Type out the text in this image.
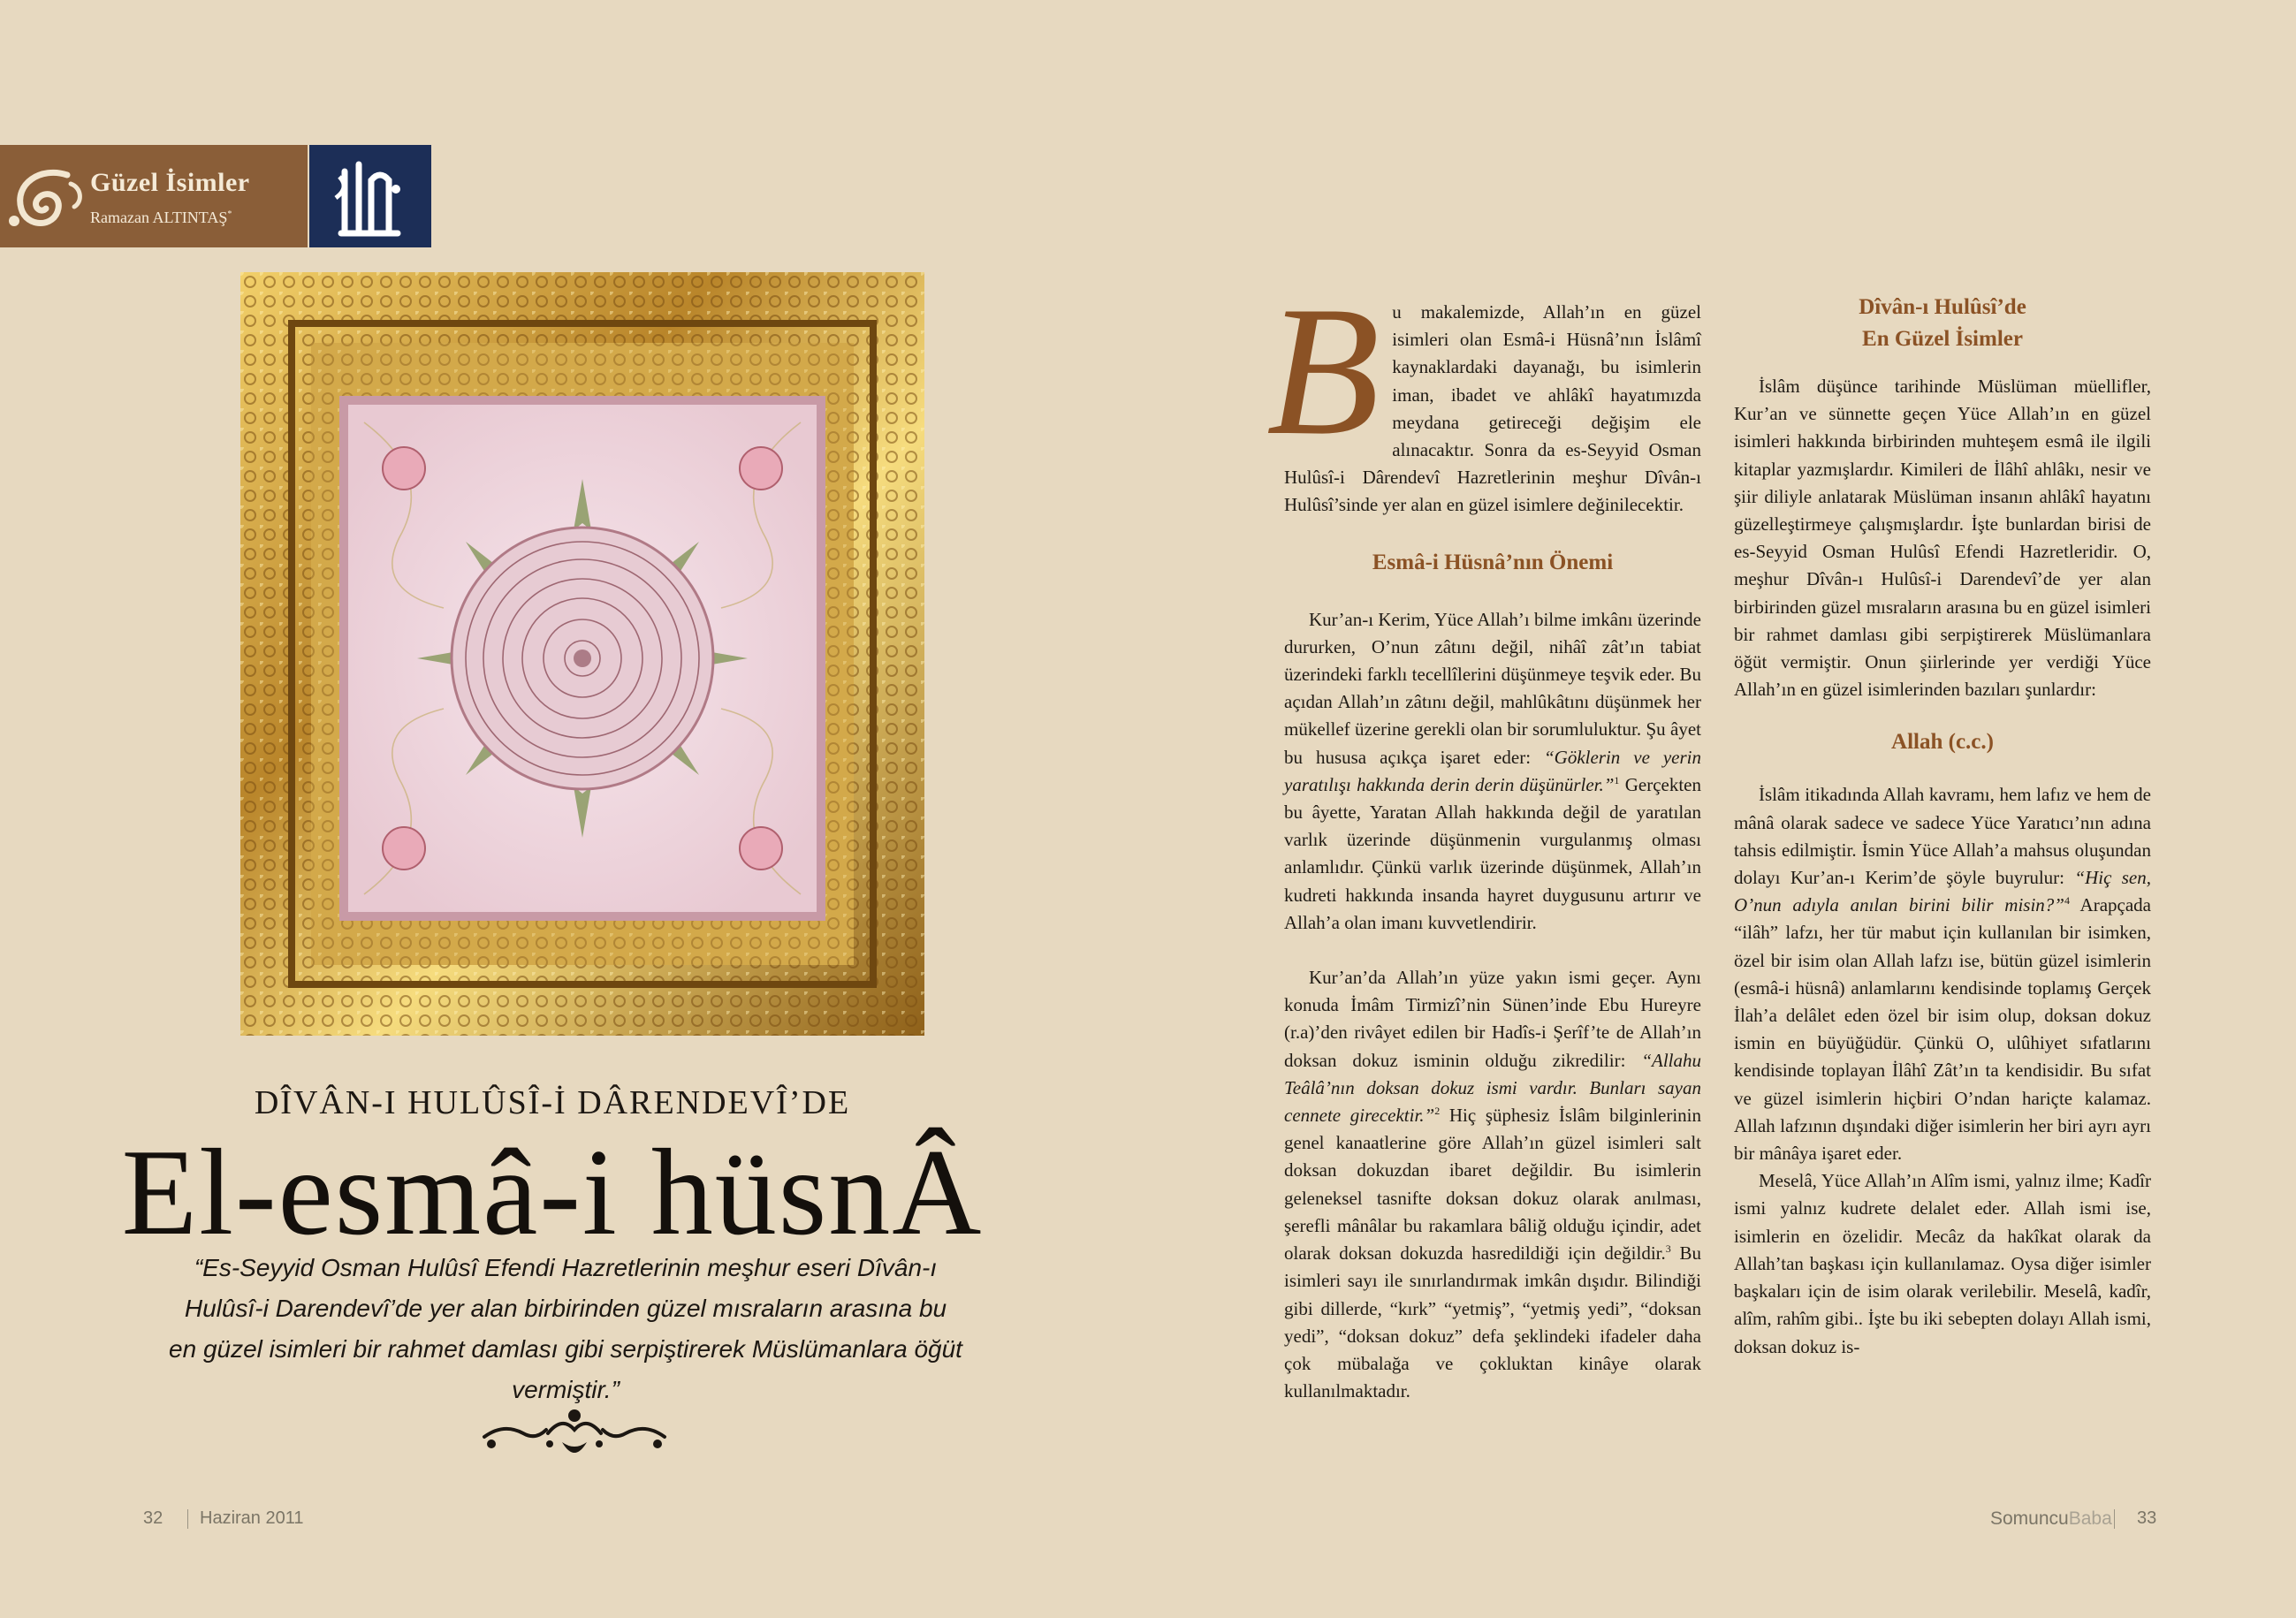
Güzel İsimler
Ramazan ALTINTAŞ*
DÎVÂN-I HULÛSÎ-İ DÂRENDEVÎ’DE
El-esmâ-i hüsnÂ
“Es-Seyyid Osman Hulûsî Efendi Hazretlerinin meşhur eseri Dîvân-ı Hulûsî-i Darendevî’de yer alan birbirinden güzel mısraların arasına bu en güzel isimleri bir rahmet damlası gibi serpiştirerek Müslümanlara öğüt vermiştir.”
32 Haziran 2011
B u makalemizde, Allah’ın en güzel isimleri olan Esmâ-i Hüsnâ’nın İslâmî kaynaklardaki dayanağı, bu isimlerin iman, ibadet ve ahlâkî hayatımızda meydana getireceği değişim ele alınacaktır. Sonra da es-Seyyid Osman Hulûsî-i Dârendevî Hazretlerinin meşhur Dîvân-ı Hulûsî’sinde yer alan en güzel isimlere değinilecektir.

Esmâ-i Hüsnâ’nın Önemi

Kur’an-ı Kerim, Yüce Allah’ı bilme imkânı üzerinde dururken, O’nun zâtını değil, nihâî zât’ın tabiat üzerindeki farklı tecellîlerini düşünmeye teşvik eder. Bu açıdan Allah’ın zâtını değil, mahlûkâtını düşünmek her mükellef üzerine gerekli olan bir sorumluluktur. Şu âyet bu hususa açıkça işaret eder: “Göklerin ve yerin yaratılışı hakkında derin derin düşünürler.”$^1$ Gerçekten bu âyette, Yaratan Allah hakkında değil de yaratılan varlık üzerinde düşünmenin vurgulanmış olması anlamlıdır. Çünkü varlık üzerinde düşünmek, Allah’ın kudreti hakkında insanda hayret duygusunu artırır ve Allah’a olan imanı kuvvetlendirir.

Kur’an’da Allah’ın yüze yakın ismi geçer. Aynı konuda İmâm Tirmizî’nin Sünen’inde Ebu Hureyre (r.a)’den rivâyet edilen bir Hadîs-i Şerîf’te de Allah’ın doksan dokuz isminin olduğu zikredilir: “Allahu Teâlâ’nın doksan dokuz ismi vardır. Bunları sayan cennete girecektir.”$^2$ Hiç şüphesiz İslâm bilginlerinin genel kanaatlerine göre Allah’ın güzel isimleri salt doksan dokuzdan ibaret değildir. Bu isimlerin geleneksel tasnifte doksan dokuz olarak anılması, şerefli mânâlar bu rakamlara bâliğ olduğu içindir, adet olarak doksan dokuzda hasredildiği için değildir.$^3$ Bu isimleri sayı ile sınırlandırmak imkân dışıdır. Bilindiği gibi dillerde, “kırk” “yetmiş”, “yetmiş yedi”, “doksan yedi”, “doksan dokuz” defa şeklindeki ifadeler daha çok mübalağa ve çokluktan kinâye olarak kullanılmaktadır.

Dîvân-ı Hulûsî’de
En Güzel İsimler

İslâm düşünce tarihinde Müslüman müellifler, Kur’an ve sünnette geçen Yüce Allah’ın en güzel isimleri hakkında birbirinden muhteşem esmâ ile ilgili kitaplar yazmışlardır. Kimileri de İlâhî ahlâkı, nesir ve şiir diliyle anlatarak Müslüman insanın ahlâkî hayatını güzelleştirmeye çalışmışlardır. İşte bunlardan birisi de es-Seyyid Osman Hulûsî Efendi Hazretleridir. O, meşhur Dîvân-ı Hulûsî-i Darendevî’de yer alan birbirinden güzel mısraların arasına bu en güzel isimleri bir rahmet damlası gibi serpiştirerek Müslümanlara öğüt vermiştir. Onun şiirlerinde yer verdiği Yüce Allah’ın en güzel isimlerinden bazıları şunlardır:

Allah (c.c.)

İslâm itikadında Allah kavramı, hem lafız ve hem de mânâ olarak sadece ve sadece Yüce Yaratıcı’nın adına tahsis edilmiştir. İsmin Yüce Allah’a mahsus oluşundan dolayı Kur’an-ı Kerim’de şöyle buyrulur: “Hiç sen, O’nun adıyla anılan birini bilir misin?”$^4$ Arapçada “ilâh” lafzı, her tür mabut için kullanılan bir isimken, özel bir isim olan Allah lafzı ise, bütün güzel isimlerin (esmâ-i hüsnâ) anlamlarını kendisinde toplamış Gerçek İlah’a delâlet eden özel bir isim olup, doksan dokuz ismin en büyüğüdür. Çünkü O, ulûhiyet sıfatlarını kendisinde toplayan İlâhî Zât’ın ta kendisidir. Bu sıfat ve güzel isimlerin hiçbiri O’ndan hariçte kalamaz. Allah lafzının dışındaki diğer isimlerin her biri ayrı ayrı bir mânâya işaret eder.

Meselâ, Yüce Allah’ın Alîm ismi, yalnız ilme; Kadîr ismi yalnız kudrete delalet eder. Allah ismi ise, isimlerin en özelidir. Mecâz da hakîkat olarak da Allah’tan başkası için kullanılamaz. Oysa diğer isimler başkaları için de isim olarak verilebilir. Meselâ, kadîr, alîm, rahîm gibi.. İşte bu iki sebepten dolayı Allah ismi, doksan dokuz is-

SomuncuBaba 33
